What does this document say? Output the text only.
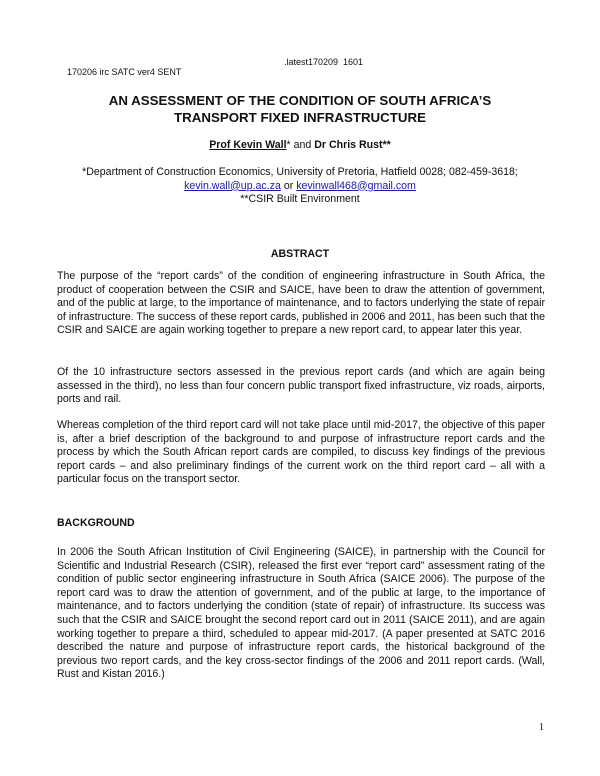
170206 irc SATC ver4 SENT

.latest170209  1601

AN ASSESSMENT OF THE CONDITION OF SOUTH AFRICA’S
TRANSPORT FIXED INFRASTRUCTURE
Prof Kevin Wall* and Dr Chris Rust**
*Department of Construction Economics, University of Pretoria, Hatfield 0028; 082-459-3618;
kevin.wall@up.ac.za or kevinwall468@gmail.com
**CSIR Built Environment
ABSTRACT

The purpose of the “report cards” of the condition of engineering infrastructure in South Africa, the product of cooperation between the CSIR and SAICE, have been to draw the attention of government, and of the public at large, to the importance of maintenance, and to factors underlying the state of repair of infrastructure. The success of these report cards, published in 2006 and 2011, has been such that the CSIR and SAICE are again working together to prepare a new report card, to appear later this year.

Of the 10 infrastructure sectors assessed in the previous report cards (and which are again being assessed in the third), no less than four concern public transport fixed infrastructure, viz roads, airports, ports and rail.

Whereas completion of the third report card will not take place until mid-2017, the objective of this paper is, after a brief description of the background to and purpose of infrastructure report cards and the process by which the South African report cards are compiled, to discuss key findings of the previous report cards – and also preliminary findings of the current work on the third report card – all with a particular focus on the transport sector.

BACKGROUND

In 2006 the South African Institution of Civil Engineering (SAICE), in partnership with the Council for Scientific and Industrial Research (CSIR), released the first ever “report card” assessment rating of the condition of public sector engineering infrastructure in South Africa (SAICE 2006). The purpose of the report card was to draw the attention of government, and of the public at large, to the importance of maintenance, and to factors underlying the condition (state of repair) of infrastructure. Its success was such that the CSIR and SAICE brought the second report card out in 2011 (SAICE 2011), and are again working together to prepare a third, scheduled to appear mid-2017. (A paper presented at SATC 2016 described the nature and purpose of infrastructure report cards, the historical background of the previous two report cards, and the key cross-sector findings of the 2006 and 2011 report cards. (Wall, Rust and Kistan 2016.)

1
